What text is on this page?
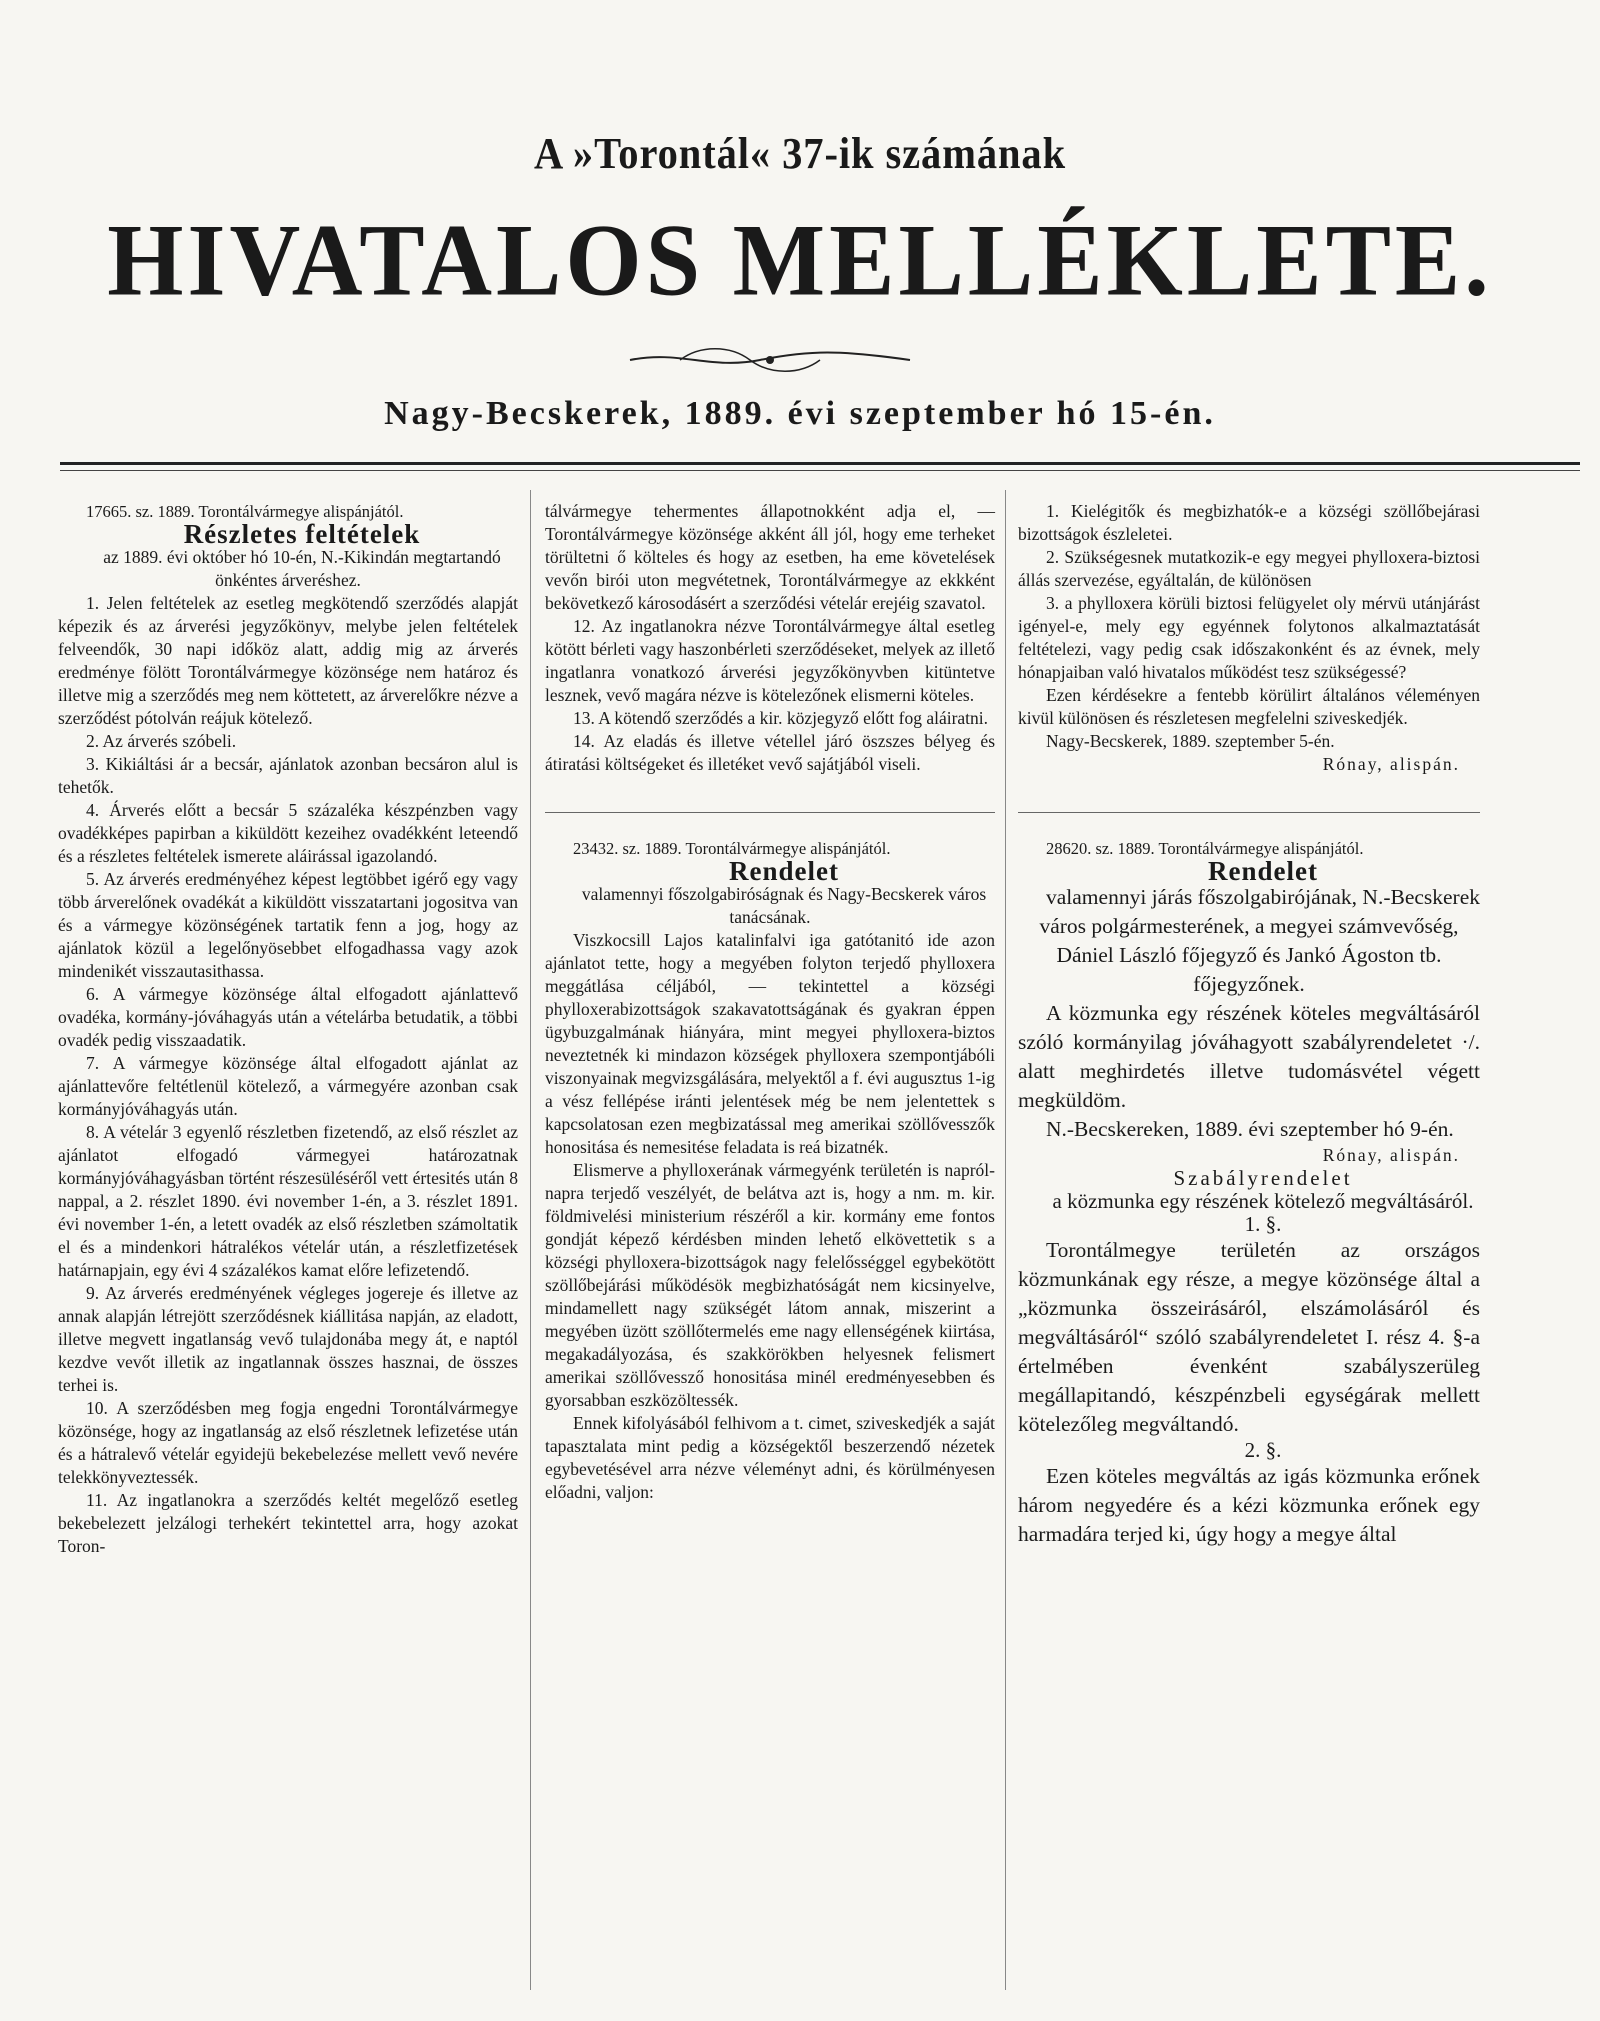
A »Torontál« 37-ik számának
HIVATALOS MELLÉKLETE.
Nagy-Becskerek, 1889. évi szeptember hó 15-én.

17665. sz. 1889. Torontálvármegye alispánjától.

Részletes feltételek

az 1889. évi október hó 10-én, N.-Kikindán megtartandó önkéntes árveréshez.

1. Jelen feltételek az esetleg megkötendő szerződés alapját képezik és az árverési jegyzőkönyv, melybe jelen feltételek felveendők, 30 napi időköz alatt, addig mig az árverés eredménye fölött Torontálvármegye közönsége nem határoz és illetve mig a szerződés meg nem köttetett, az árverelőkre nézve a szerződést pótolván reájuk kötelező.

2. Az árverés szóbeli.

3. Kikiáltási ár a becsár, ajánlatok azonban becsáron alul is tehetők.

4. Árverés előtt a becsár 5 százaléka készpénzben vagy ovadékképes papirban a kiküldött kezeihez ovadékként leteendő és a részletes feltételek ismerete aláirással igazolandó.

5. Az árverés eredményéhez képest legtöbbet igérő egy vagy több árverelőnek ovadékát a kiküldött visszatartani jogositva van és a vármegye közönségének tartatik fenn a jog, hogy az ajánlatok közül a legelőnyösebbet elfogadhassa vagy azok mindenikét visszautasithassa.

6. A vármegye közönsége által elfogadott ajánlattevő ovadéka, kormány-jóváhagyás után a vételárba betudatik, a többi ovadék pedig visszaadatik.

7. A vármegye közönsége által elfogadott ajánlat az ajánlattevőre feltétlenül kötelező, a vármegyére azonban csak kormányjóváhagyás után.

8. A vételár 3 egyenlő részletben fizetendő, az első részlet az ajánlatot elfogadó vármegyei határozatnak kormányjóváhagyásban történt részesüléséről vett értesités után 8 nappal, a 2. részlet 1890. évi november 1-én, a 3. részlet 1891. évi november 1-én, a letett ovadék az első részletben számoltatik el és a mindenkori hátralékos vételár után, a részletfizetések határnapjain, egy évi 4 százalékos kamat előre lefizetendő.

9. Az árverés eredményének végleges jogereje és illetve az annak alapján létrejött szerződésnek kiállitása napján, az eladott, illetve megvett ingatlanság vevő tulajdonába megy át, e naptól kezdve vevőt illetik az ingatlannak összes hasznai, de összes terhei is.

10. A szerződésben meg fogja engedni Torontálvármegye közönsége, hogy az ingatlanság az első részletnek lefizetése után és a hátralevő vételár egyidejü bekebelezése mellett vevő nevére telekkönyveztessék.

11. Az ingatlanokra a szerződés keltét megelőző esetleg bekebelezett jelzálogi terhekért tekintettel arra, hogy azokat Toron-

tálvármegye tehermentes állapotnokként adja el, — Torontálvármegye közönsége akként áll jól, hogy eme terheket törültetni ő költeles és hogy az esetben, ha eme követelések vevőn birói uton megvétetnek, Torontálvármegye az ekkként bekövetkező károsodásért a szerződési vételár erejéig szavatol.

12. Az ingatlanokra nézve Torontálvármegye által esetleg kötött bérleti vagy haszonbérleti szerződéseket, melyek az illető ingatlanra vonatkozó árverési jegyzőkönyvben kitüntetve lesznek, vevő magára nézve is kötelezőnek elismerni köteles.

13. A kötendő szerződés a kir. közjegyző előtt fog aláiratni.

14. Az eladás és illetve vétellel járó öszszes bélyeg és átiratási költségeket és illetéket vevő sajátjából viseli.

23432. sz. 1889. Torontálvármegye alispánjától.

Rendelet

valamennyi főszolgabiróságnak és Nagy-Becskerek város tanácsának.

Viszkocsill Lajos katalinfalvi iga gatótanitó ide azon ajánlatot tette, hogy a megyében folyton terjedő phylloxera meggátlása céljából, — tekintettel a községi phylloxerabizottságok szakavatottságának és gyakran éppen ügybuzgalmának hiányára, mint megyei phylloxera-biztos neveztetnék ki mindazon községek phylloxera szempontjábóli viszonyainak megvizsgálására, melyektől a f. évi augusztus 1-ig a vész fellépése iránti jelentések még be nem jelentettek s kapcsolatosan ezen megbizatással meg amerikai szöllővesszők honositása és nemesitése feladata is reá bizatnék.

Elismerve a phylloxerának vármegyénk területén is napról-napra terjedő veszélyét, de belátva azt is, hogy a nm. m. kir. földmivelési ministerium részéről a kir. kormány eme fontos gondját képező kérdésben minden lehető elkövettetik s a községi phylloxera-bizottságok nagy felelősséggel egybekötött szöllőbejárási működésök megbizhatóságát nem kicsinyelve, mindamellett nagy szükségét látom annak, miszerint a megyében üzött szöllőtermelés eme nagy ellenségének kiirtása, megakadályozása, és szakkörökben helyesnek felismert amerikai szöllővessző honositása minél eredményesebben és gyorsabban eszközöltessék.

Ennek kifolyásából felhivom a t. cimet, sziveskedjék a saját tapasztalata mint pedig a községektől beszerzendő nézetek egybevetésével arra nézve véleményt adni, és körülményesen előadni, valjon:

1. Kielégitők és megbizhatók-e a községi szöllőbejárasi bizottságok észleletei.

2. Szükségesnek mutatkozik-e egy megyei phylloxera-biztosi állás szervezése, egyáltalán, de különösen

3. a phylloxera körüli biztosi felügyelet oly mérvü utánjárást igényel-e, mely egy egyénnek folytonos alkalmaztatását feltételezi, vagy pedig csak időszakonként és az évnek, mely hónapjaiban való hivatalos működést tesz szükségessé?

Ezen kérdésekre a fentebb körülirt általános véleményen kivül különösen és részletesen megfelelni sziveskedjék.

Nagy-Becskerek, 1889. szeptember 5-én.

Rónay, alispán.

28620. sz. 1889. Torontálvármegye alispánjától.

Rendelet

valamennyi járás főszolgabirójának, N.-Becskerek város polgármesterének, a megyei számvevőség, Dániel László főjegyző és Jankó Ágoston tb. főjegyzőnek.

A közmunka egy részének köteles megváltásáról szóló kormányilag jóváhagyott szabályrendeletet ·/. alatt meghirdetés illetve tudomásvétel végett megküldöm.

N.-Becskereken, 1889. évi szeptember hó 9-én.

Rónay, alispán.

Szabályrendelet

a közmunka egy részének kötelező megváltásáról.

1. §.

Torontálmegye területén az országos közmunkának egy része, a megye közönsége által a „közmunka összeirásáról, elszámolásáról és megváltásáról“ szóló szabályrendeletet I. rész 4. §-a értelmében évenként szabályszerüleg megállapitandó, készpénzbeli egységárak mellett kötelezőleg megváltandó.

2. §.

Ezen köteles megváltás az igás közmunka erőnek három negyedére és a kézi közmunka erőnek egy harmadára terjed ki, úgy hogy a megye által
